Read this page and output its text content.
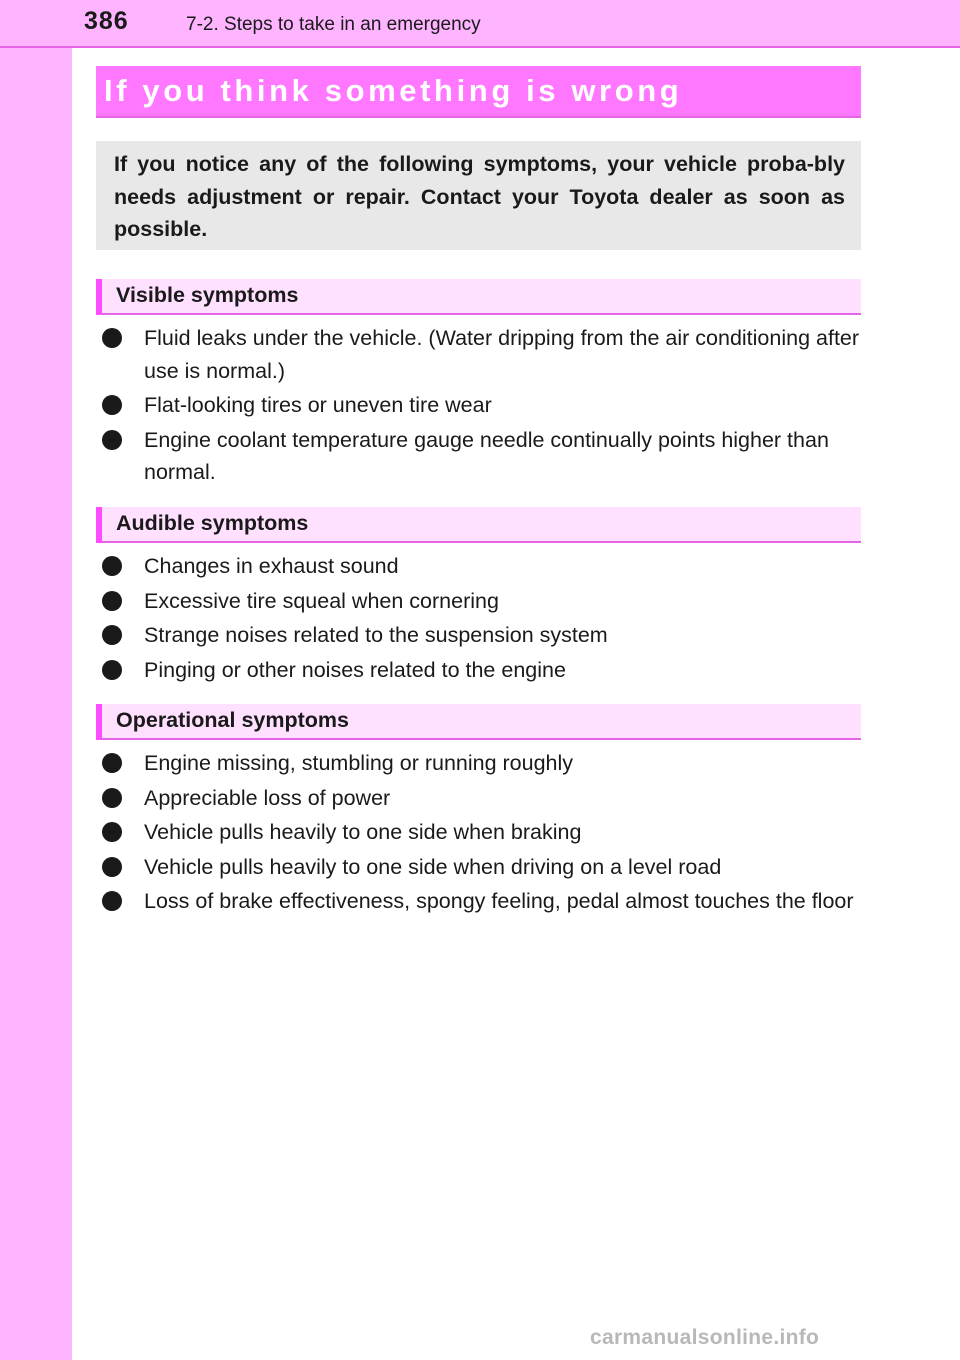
386	7-2. Steps to take in an emergency
If you think something is wrong

If you notice any of the following symptoms, your vehicle proba-bly needs adjustment or repair. Contact your Toyota dealer as soon as possible.

Visible symptoms
Fluid leaks under the vehicle. (Water dripping from the air conditioning after use is normal.)
Flat-looking tires or uneven tire wear
Engine coolant temperature gauge needle continually points higher than normal.
Audible symptoms
Changes in exhaust sound
Excessive tire squeal when cornering
Strange noises related to the suspension system
Pinging or other noises related to the engine
Operational symptoms
Engine missing, stumbling or running roughly
Appreciable loss of power
Vehicle pulls heavily to one side when braking
Vehicle pulls heavily to one side when driving on a level road
Loss of brake effectiveness, spongy feeling, pedal almost touches the floor
carmanualsonline.info
